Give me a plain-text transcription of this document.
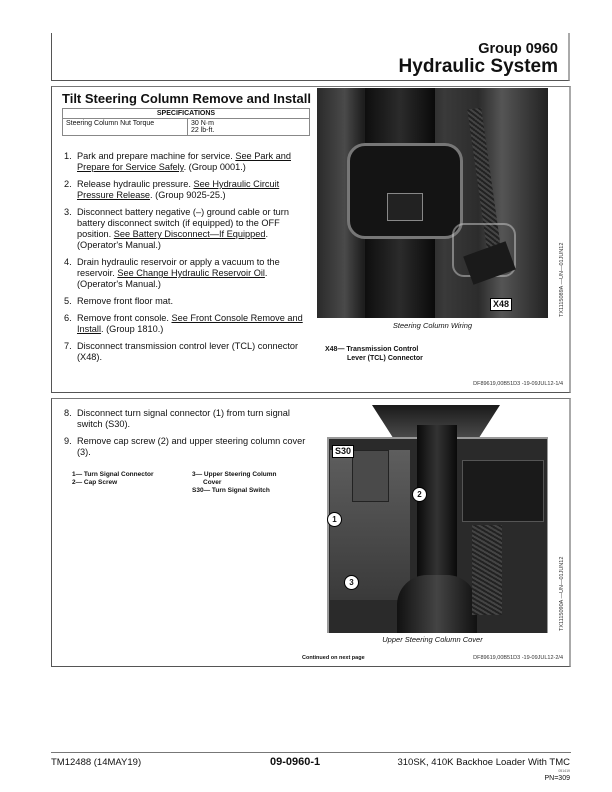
Group 0960
Hydraulic System
Tilt Steering Column Remove and Install
SPECIFICATIONS
Steering Column Nut Torque	30 N·m
22 lb-ft.
1. Park and prepare machine for service. See Park and Prepare for Service Safely. (Group 0001.)
2. Release hydraulic pressure. See Hydraulic Circuit Pressure Release. (Group 9025-25.)
3. Disconnect battery negative (–) ground cable or turn battery disconnect switch (if equipped) to the OFF position. See Battery Disconnect—If Equipped. (Operator's Manual.)
4. Drain hydraulic reservoir or apply a vacuum to the reservoir. See Change Hydraulic Reservoir Oil. (Operator's Manual.)
5. Remove front floor mat.
6. Remove front console. See Front Console Remove and Install. (Group 1810.)
7. Disconnect transmission control lever (TCL) connector (X48).
X48
Steering Column Wiring
TX1115089A —UN—01JUN12
X48— Transmission Control
Lever (TCL) Connector
DF89619,00B51D3 -19-09JUL12-1/4
8. Disconnect turn signal connector (1) from turn signal switch (S30).
9. Remove cap screw (2) and upper steering column cover (3).
1— Turn Signal Connector
2— Cap Screw
3— Upper Steering Column
Cover
S30— Turn Signal Switch
S30
1
2
3
Upper Steering Column Cover
TX1115090A —UN—01JUN12
Continued on next page	DF89619,00B51D3 -19-09JUL12-2/4
TM12488 (14MAY19)	09-0960-1	310SK, 410K Backhoe Loader With TMC
051419
PN=309
